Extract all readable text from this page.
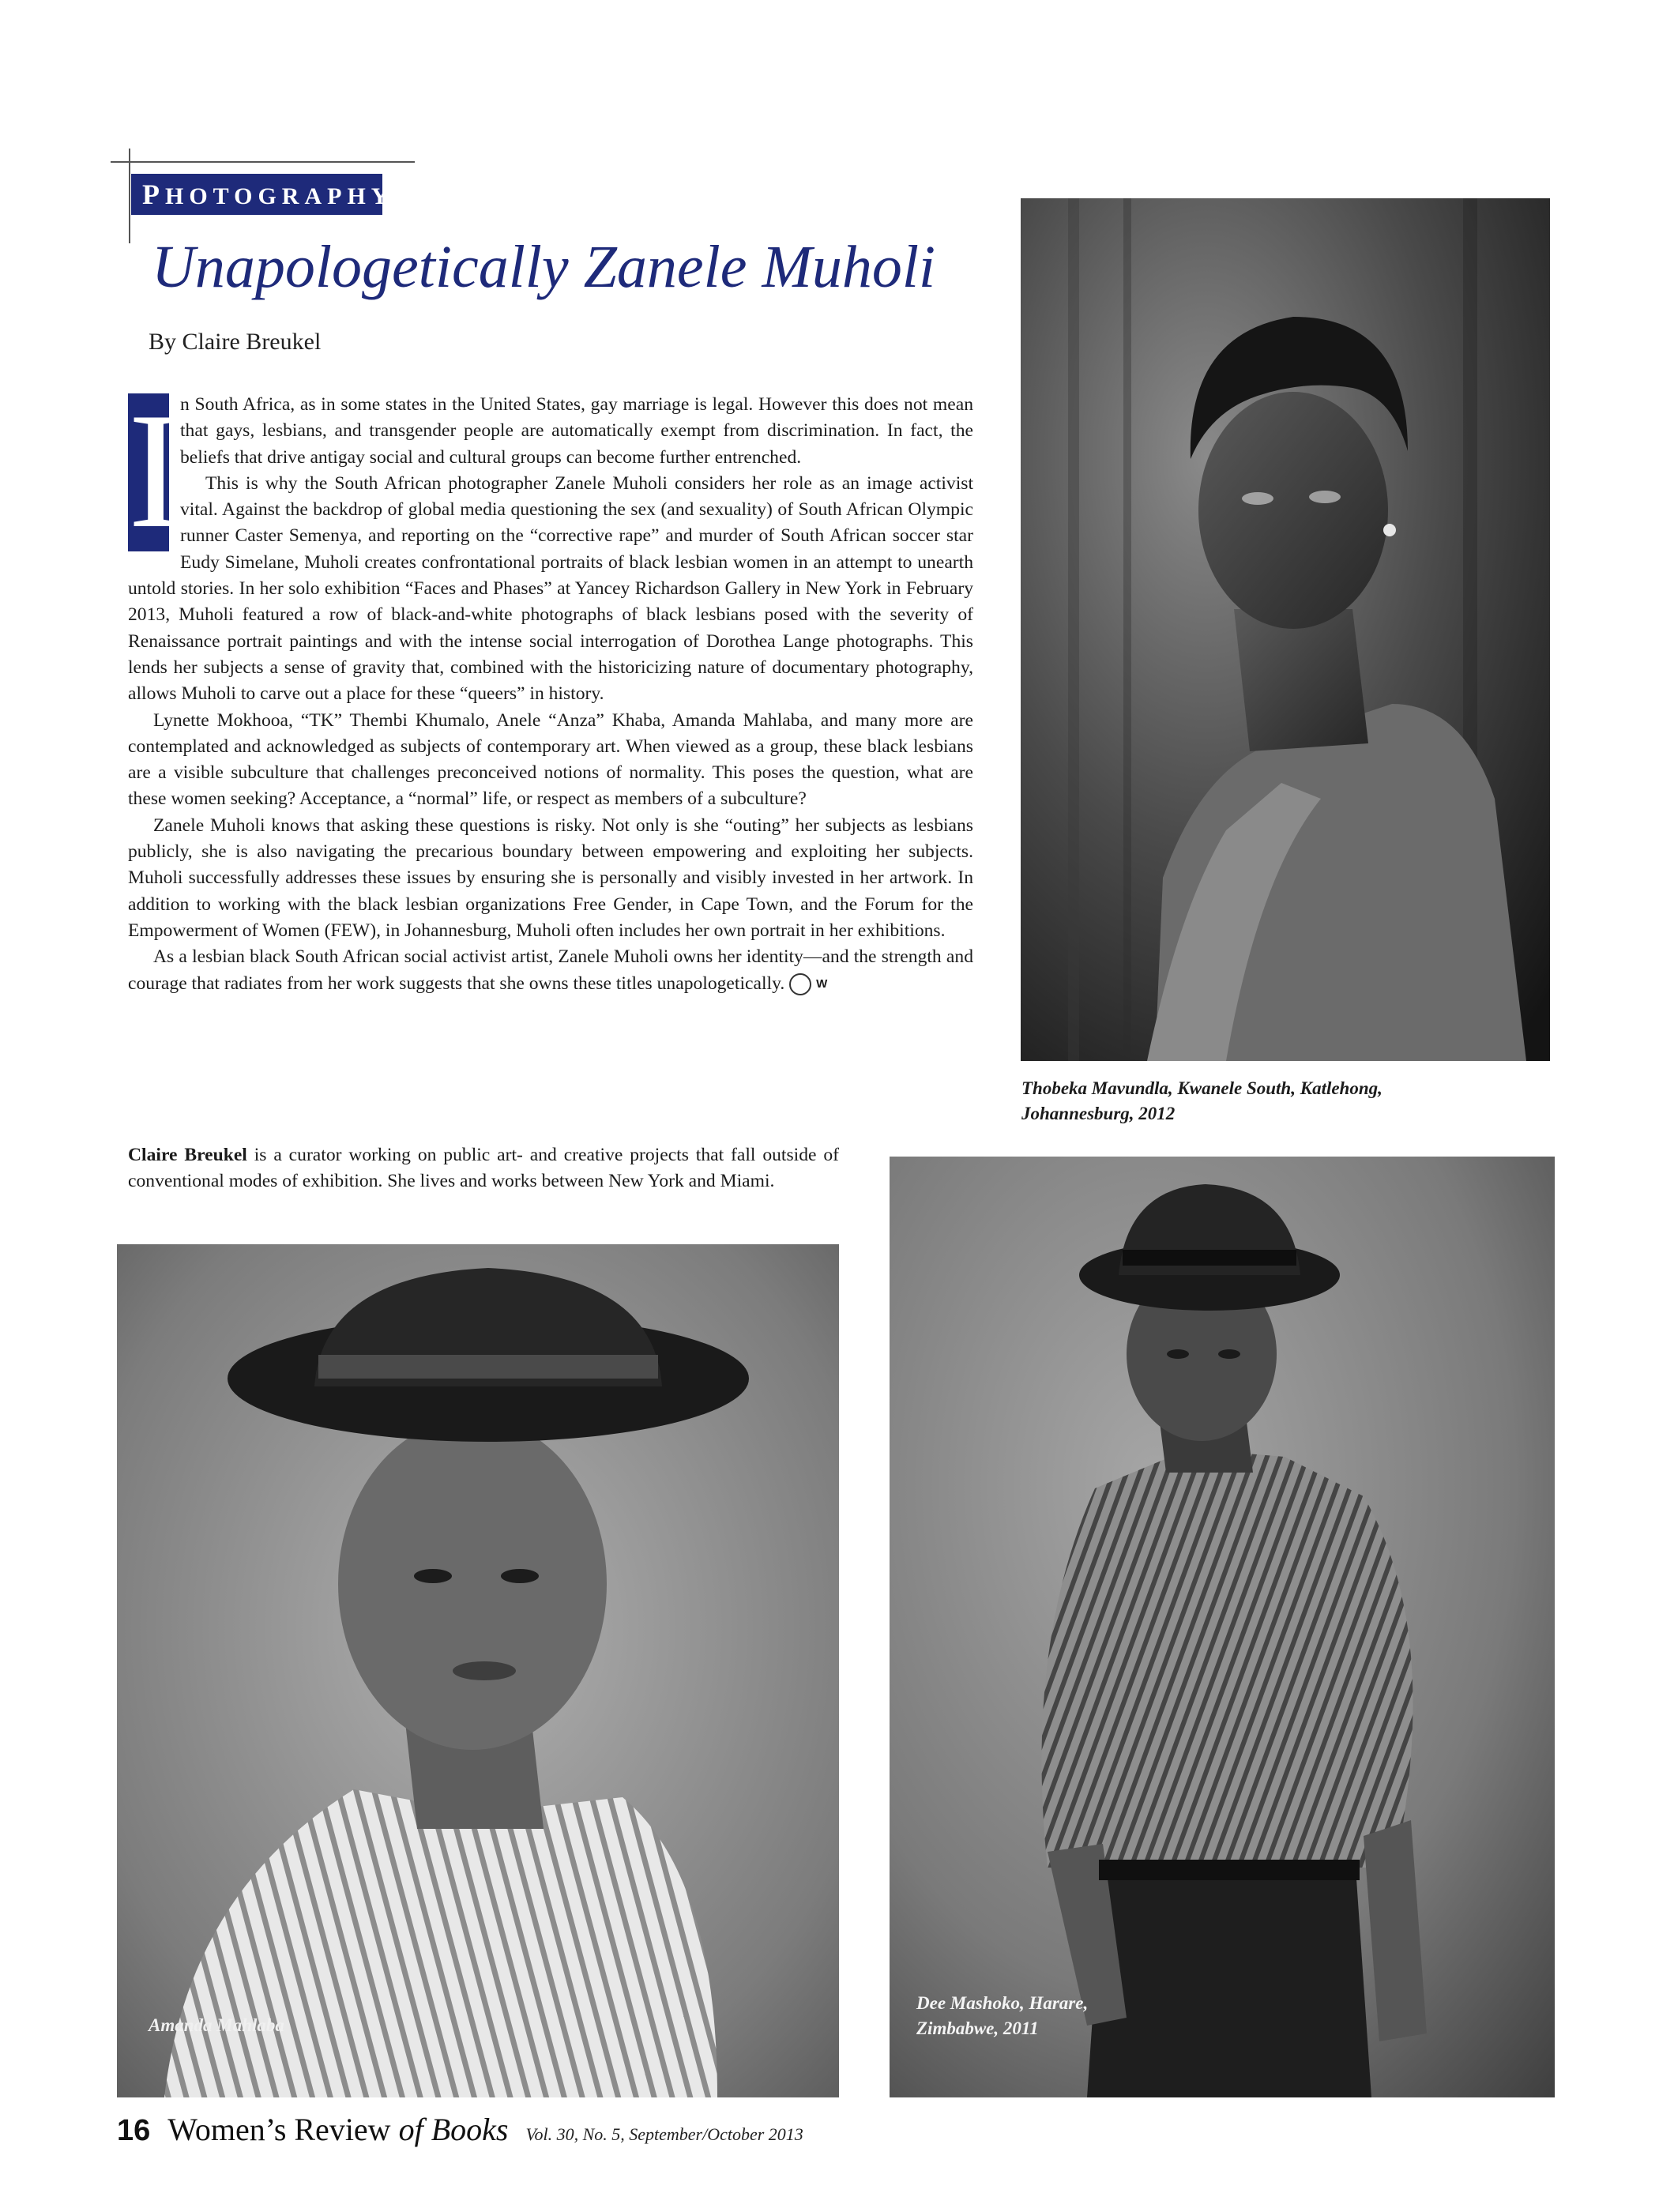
PHOTOGRAPHY
Unapologetically Zanele Muholi
By Claire Breukel

I
n South Africa, as in some states in the United States, gay marriage is legal. However this does not mean that gays, lesbians, and transgender people are automatically exempt from discrimination. In fact, the beliefs that drive antigay social and cultural groups can become further entrenched.

This is why the South African photographer Zanele Muholi considers her role as an image activist vital. Against the backdrop of global media questioning the sex (and sexuality) of South African Olympic runner Caster Semenya, and reporting on the “corrective rape” and murder of South African soccer star Eudy Simelane, Muholi creates confrontational portraits of black lesbian women in an attempt to unearth untold stories. In her solo exhibition “Faces and Phases” at Yancey Richardson Gallery in New York in February 2013, Muholi featured a row of black-and-white photographs of black lesbians posed with the severity of Renaissance portrait paintings and with the intense social interrogation of Dorothea Lange photographs. This lends her subjects a sense of gravity that, combined with the historicizing nature of documentary photography, allows Muholi to carve out a place for these “queers” in history.

Lynette Mokhooa, “TK” Thembi Khumalo, Anele “Anza” Khaba, Amanda Mahlaba, and many more are contemplated and acknowledged as subjects of contemporary art. When viewed as a group, these black lesbians are a visible subculture that challenges preconceived notions of normality. This poses the question, what are these women seeking? Acceptance, a “normal” life, or respect as members of a subculture?

Zanele Muholi knows that asking these questions is risky. Not only is she “outing” her subjects as lesbians publicly, she is also navigating the precarious boundary between empowering and exploiting her subjects. Muholi successfully addresses these issues by ensuring she is personally and visibly invested in her artwork. In addition to working with the black lesbian organizations Free Gender, in Cape Town, and the Forum for the Empowerment of Women (FEW), in Johannesburg, Muholi often includes her own portrait in her exhibitions.

As a lesbian black South African social activist artist, Zanele Muholi owns her identity—and the strength and courage that radiates from her work suggests that she owns these titles unapologetically.	W

Claire Breukel is a curator working on public art- and creative projects that fall outside of conventional modes of exhibition. She lives and works between New York and Miami.
Thobeka Mavundla, Kwanele South, Katlehong,
Johannesburg, 2012
Amanda Mahlaba
Dee Mashoko, Harare,
Zimbabwe, 2011
16 Women’s Review of Books Vol. 30, No. 5, September/October 2013
